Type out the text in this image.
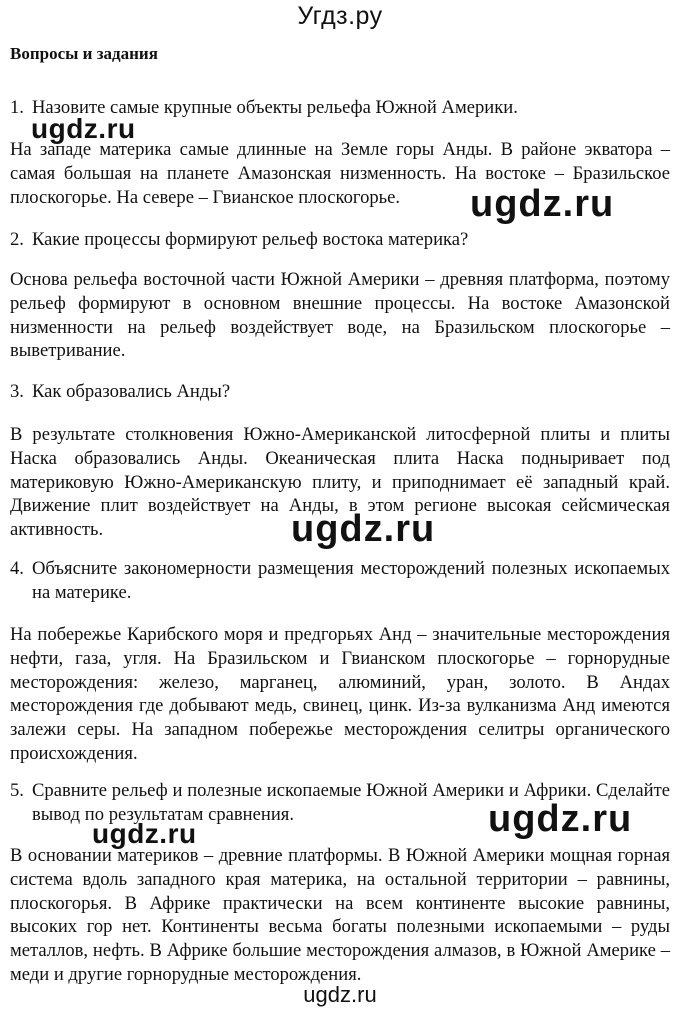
Угдз.ру
Вопросы и задания
1. Назовите самые крупные объекты рельефа Южной Америки.
На западе материка самые длинные на Земле горы Анды. В районе экватора – самая большая на планете Амазонская низменность. На востоке – Бразильское плоскогорье. На севере – Гвианское плоскогорье.
2. Какие процессы формируют рельеф востока материка?
Основа рельефа восточной части Южной Америки – древняя платформа, поэтому рельеф формируют в основном внешние процессы. На востоке Амазонской низменности на рельеф воздействует воде, на Бразильском плоскогорье – выветривание.
3. Как образовались Анды?
В результате столкновения Южно-Американской литосферной плиты и плиты Наска образовались Анды. Океаническая плита Наска подныривает под материковую Южно-Американскую плиту, и приподнимает её западный край. Движение плит воздействует на Анды, в этом регионе высокая сейсмическая активность.
4. Объясните закономерности размещения месторождений полезных ископаемых на материке.
На побережье Карибского моря и предгорьях Анд – значительные месторождения нефти, газа, угля. На Бразильском и Гвианском плоскогорье – горнорудные месторождения: железо, марганец, алюминий, уран, золото. В Андах месторождения где добывают медь, свинец, цинк. Из-за вулканизма Анд имеются залежи серы. На западном побережье месторождения селитры органического происхождения.
5. Сравните рельеф и полезные ископаемые Южной Америки и Африки. Сделайте вывод по результатам сравнения.
В основании материков – древние платформы. В Южной Америки мощная горная система вдоль западного края материка, на остальной территории – равнины, плоскогорья. В Африке практически на всем континенте высокие равнины, высоких гор нет. Континенты весьма богаты полезными ископаемыми – руды металлов, нефть. В Африке большие месторождения алмазов, в Южной Америке – меди и другие горнорудные месторождения.
ugdz.ru
ugdz.ru
ugdz.ru
ugdz.ru	ugdz.ru
ugdz.ru
